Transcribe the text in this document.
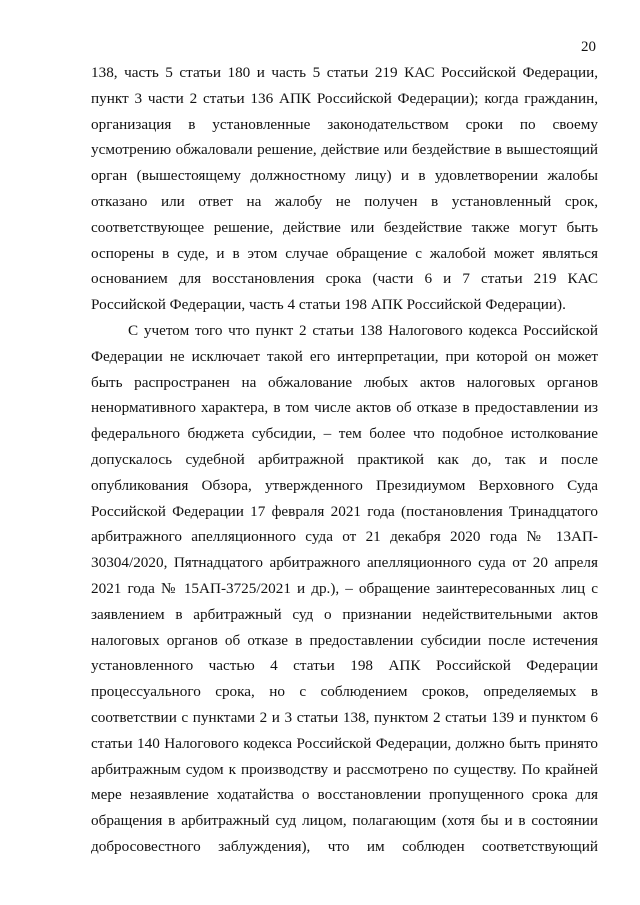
20
138, часть 5 статьи 180 и часть 5 статьи 219 КАС Российской Федерации,
пункт 3 части 2 статьи 136 АПК Российской Федерации); когда гражданин,
организация в установленные законодательством сроки по своему
усмотрению обжаловали решение, действие или бездействие в вышестоящий
орган (вышестоящему должностному лицу) и в удовлетворении жалобы
отказано или ответ на жалобу не получен в установленный срок,
соответствующее решение, действие или бездействие также могут быть
оспорены в суде, и в этом случае обращение с жалобой может являться
основанием для восстановления срока (части 6 и 7 статьи 219 КАС
Российской Федерации, часть 4 статьи 198 АПК Российской Федерации).
С учетом того что пункт 2 статьи 138 Налогового кодекса Российской
Федерации не исключает такой его интерпретации, при которой он может
быть распространен на обжалование любых актов налоговых органов
ненормативного характера, в том числе актов об отказе в предоставлении из
федерального бюджета субсидии, – тем более что подобное истолкование
допускалось судебной арбитражной практикой как до, так и после
опубликования Обзора, утвержденного Президиумом Верховного Суда
Российской Федерации 17 февраля 2021 года (постановления Тринадцатого
арбитражного апелляционного суда от 21 декабря 2020 года № 13АП-
30304/2020, Пятнадцатого арбитражного апелляционного суда от 20 апреля
2021 года № 15АП-3725/2021 и др.), – обращение заинтересованных лиц с
заявлением в арбитражный суд о признании недействительными актов
налоговых органов об отказе в предоставлении субсидии после истечения
установленного частью 4 статьи 198 АПК Российской Федерации
процессуального срока, но с соблюдением сроков, определяемых в
соответствии с пунктами 2 и 3 статьи 138, пунктом 2 статьи 139 и пунктом 6
статьи 140 Налогового кодекса Российской Федерации, должно быть принято
арбитражным судом к производству и рассмотрено по существу. По крайней
мере незаявление ходатайства о восстановлении пропущенного срока для
обращения в арбитражный суд лицом, полагающим (хотя бы и в состоянии
добросовестного заблуждения), что им соблюден соответствующий
